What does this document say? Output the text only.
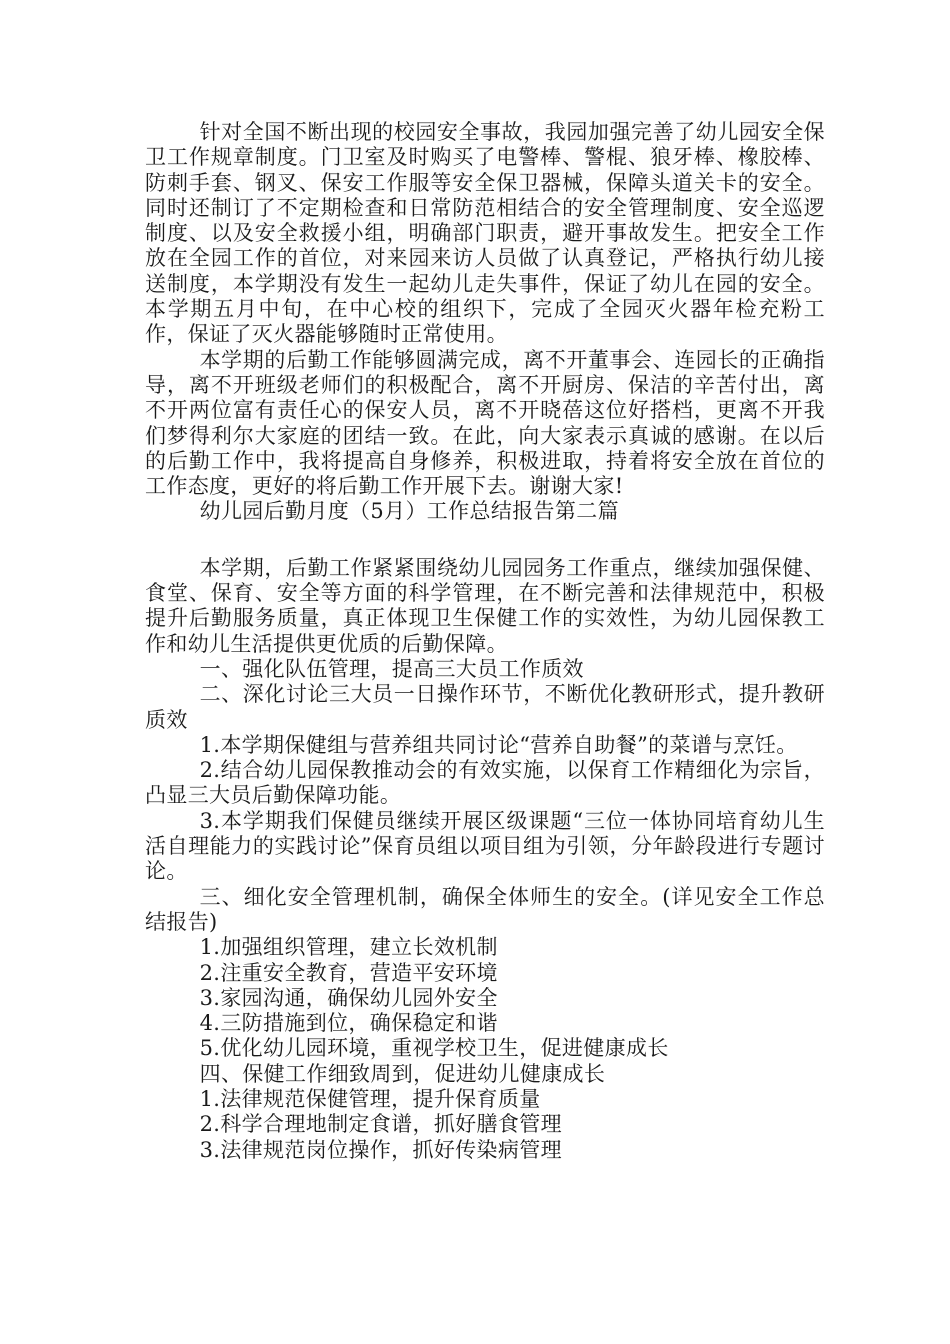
针对全国不断出现的校园安全事故，我园加强完善了幼儿园安全保卫工作规章制度。门卫室及时购买了电警棒、警棍、狼牙棒、橡胶棒、防刺手套、钢叉、保安工作服等安全保卫器械，保障头道关卡的安全。同时还制订了不定期检查和日常防范相结合的安全管理制度、安全巡逻制度、以及安全救援小组，明确部门职责，避开事故发生。把安全工作放在全园工作的首位，对来园来访人员做了认真登记，严格执行幼儿接送制度，本学期没有发生一起幼儿走失事件，保证了幼儿在园的安全。本学期五月中旬，在中心校的组织下，完成了全园灭火器年检充粉工作，保证了灭火器能够随时正常使用。

本学期的后勤工作能够圆满完成，离不开董事会、连园长的正确指导，离不开班级老师们的积极配合，离不开厨房、保洁的辛苦付出，离不开两位富有责任心的保安人员，离不开晓蓓这位好搭档，更离不开我们梦得利尔大家庭的团结一致。在此，向大家表示真诚的感谢。在以后的后勤工作中，我将提高自身修养，积极进取，持着将安全放在首位的工作态度，更好的将后勤工作开展下去。谢谢大家!

幼儿园后勤月度（5月）工作总结报告第二篇

本学期，后勤工作紧紧围绕幼儿园园务工作重点，继续加强保健、食堂、保育、安全等方面的科学管理，在不断完善和法律规范中，积极提升后勤服务质量，真正体现卫生保健工作的实效性，为幼儿园保教工作和幼儿生活提供更优质的后勤保障。

一、强化队伍管理，提高三大员工作质效

二、深化讨论三大员一日操作环节，不断优化教研形式，提升教研质效

1.本学期保健组与营养组共同讨论“营养自助餐”的菜谱与烹饪。

2.结合幼儿园保教推动会的有效实施，以保育工作精细化为宗旨，凸显三大员后勤保障功能。

3.本学期我们保健员继续开展区级课题“三位一体协同培育幼儿生活自理能力的实践讨论”保育员组以项目组为引领，分年龄段进行专题讨论。

三、细化安全管理机制，确保全体师生的安全。(详见安全工作总结报告)

1.加强组织管理，建立长效机制

2.注重安全教育，营造平安环境

3.家园沟通，确保幼儿园外安全

4.三防措施到位，确保稳定和谐

5.优化幼儿园环境，重视学校卫生，促进健康成长

四、保健工作细致周到，促进幼儿健康成长

1.法律规范保健管理，提升保育质量

2.科学合理地制定食谱，抓好膳食管理

3.法律规范岗位操作，抓好传染病管理
